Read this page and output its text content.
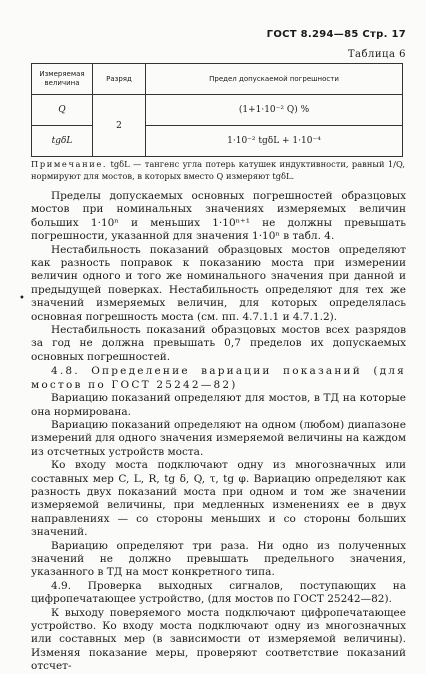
ГОСТ 8.294—85 Стр. 17
Таблица 6
Измеряемая величина	Разряд	Предел допускаемой погрешности
Q	2	(1+1·10⁻² Q) %
tgδL		1·10⁻² tgδL + 1·10⁻⁴
Примечание. tgδL — тангенс угла потерь катушек индуктивности, равный 1/Q, нормируют для мостов, в которых вместо Q измеряют tgδL.
•

Пределы допускаемых основных погрешностей образцовых мостов при номинальных значениях измеряемых величин больших 1·10ⁿ и меньших 1·10ⁿ⁺¹ не должны превышать погрешности, указанной для значения 1·10ⁿ в табл. 4.

Нестабильность показаний образцовых мостов определяют как разность поправок к показанию моста при измерении величин одного и того же номинального значения при данной и предыдущей поверках. Нестабильность определяют для тех же значений измеряемых величин, для которых определялась основная погрешность моста (см. пп. 4.7.1.1 и 4.7.1.2).

Нестабильность показаний образцовых мостов всех разрядов за год не должна превышать 0,7 пределов их допускаемых основных погрешностей.

4.8. Определение вариации показаний (для мостов по ГОСТ 25242—82)

Вариацию показаний определяют для мостов, в ТД на которые она нормирована.

Вариацию показаний определяют на одном (любом) диапазоне измерений для одного значения измеряемой величины на каждом из отсчетных устройств моста.

Ко входу моста подключают одну из многозначных или составных мер C, L, R, tg δ, Q, τ, tg φ. Вариацию определяют как разность двух показаний моста при одном и том же значении измеряемой величины, при медленных изменениях ее в двух направлениях — со стороны меньших и со стороны больших значений.

Вариацию определяют три раза. Ни одно из полученных значений не должно превышать предельного значения, указанного в ТД на мост конкретного типа.

4.9. Проверка выходных сигналов, поступающих на цифропечатающее устройство, (для мостов по ГОСТ 25242—82).

К выходу поверяемого моста подключают цифропечатающее устройство. Ко входу моста подключают одну из многозначных или составных мер (в зависимости от измеряемой величины). Изменяя показание меры, проверяют соответствие показаний отсчет-
